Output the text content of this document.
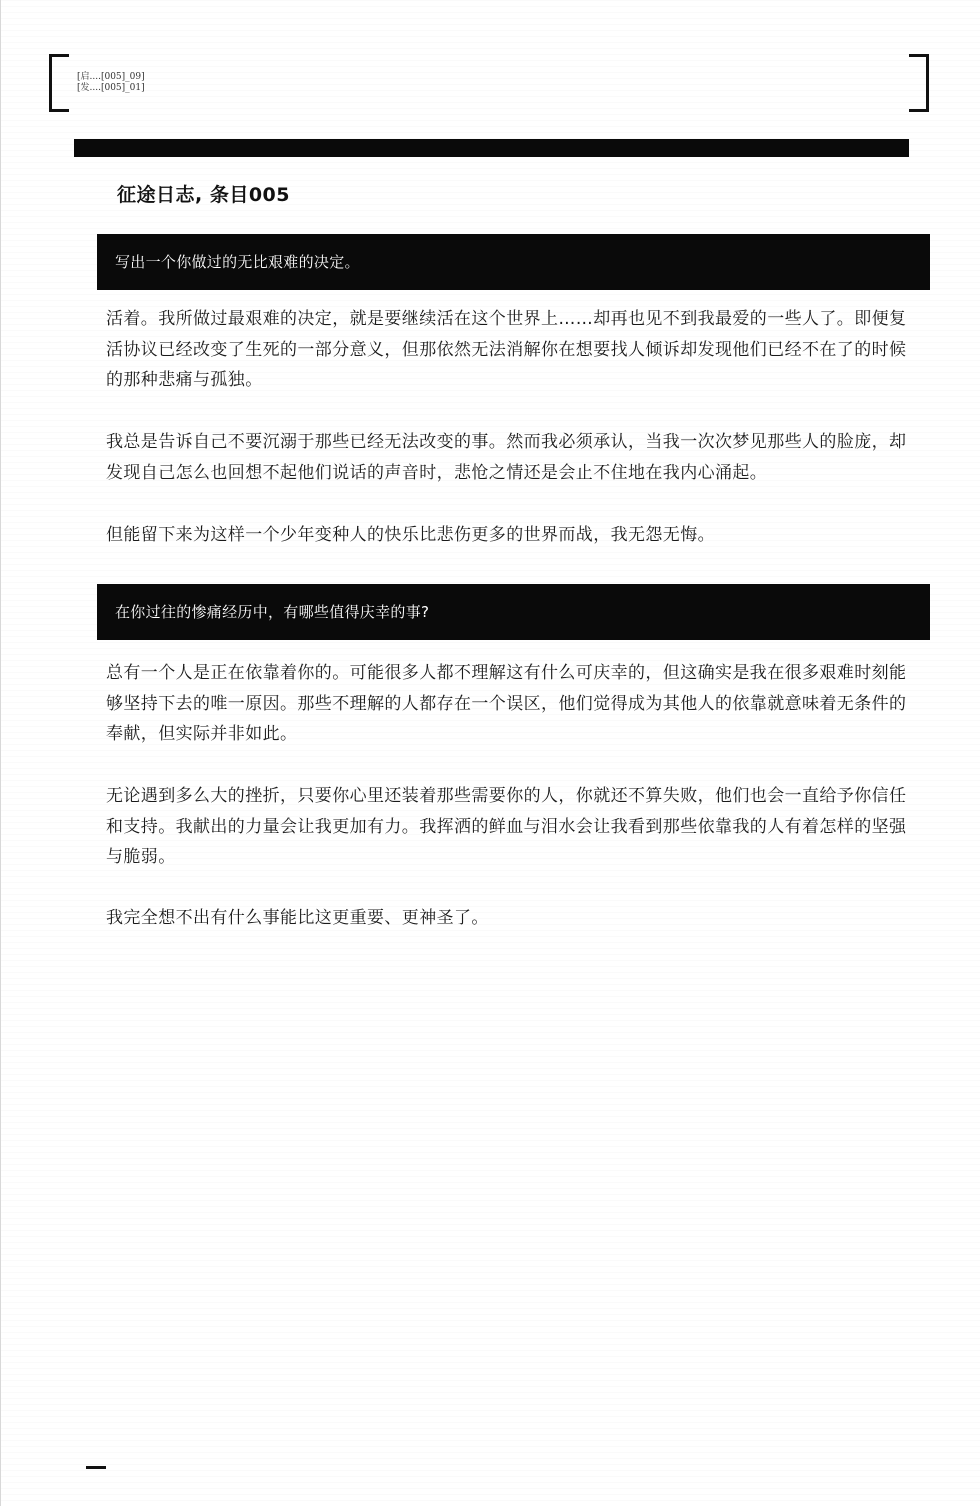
[启....[005]_09]
[发....[005]_01]
征途日志, 条目005
写出一个你做过的无比艰难的决定。

活着。我所做过最艰难的决定，就是要继续活在这个世界上……却再也见不到我最爱的一些人了。即便复活协议已经改变了生死的一部分意义，但那依然无法消解你在想要找人倾诉却发现他们已经不在了的时候的那种悲痛与孤独。

我总是告诉自己不要沉溺于那些已经无法改变的事。然而我必须承认，当我一次次梦见那些人的脸庞，却发现自己怎么也回想不起他们说话的声音时，悲怆之情还是会止不住地在我内心涌起。

但能留下来为这样一个少年变种人的快乐比悲伤更多的世界而战，我无怨无悔。

在你过往的惨痛经历中，有哪些值得庆幸的事?

总有一个人是正在依靠着你的。可能很多人都不理解这有什么可庆幸的，但这确实是我在很多艰难时刻能够坚持下去的唯一原因。那些不理解的人都存在一个误区，他们觉得成为其他人的依靠就意味着无条件的奉献，但实际并非如此。

无论遇到多么大的挫折，只要你心里还装着那些需要你的人，你就还不算失败，他们也会一直给予你信任和支持。我献出的力量会让我更加有力。我挥洒的鲜血与泪水会让我看到那些依靠我的人有着怎样的坚强与脆弱。

我完全想不出有什么事能比这更重要、更神圣了。
